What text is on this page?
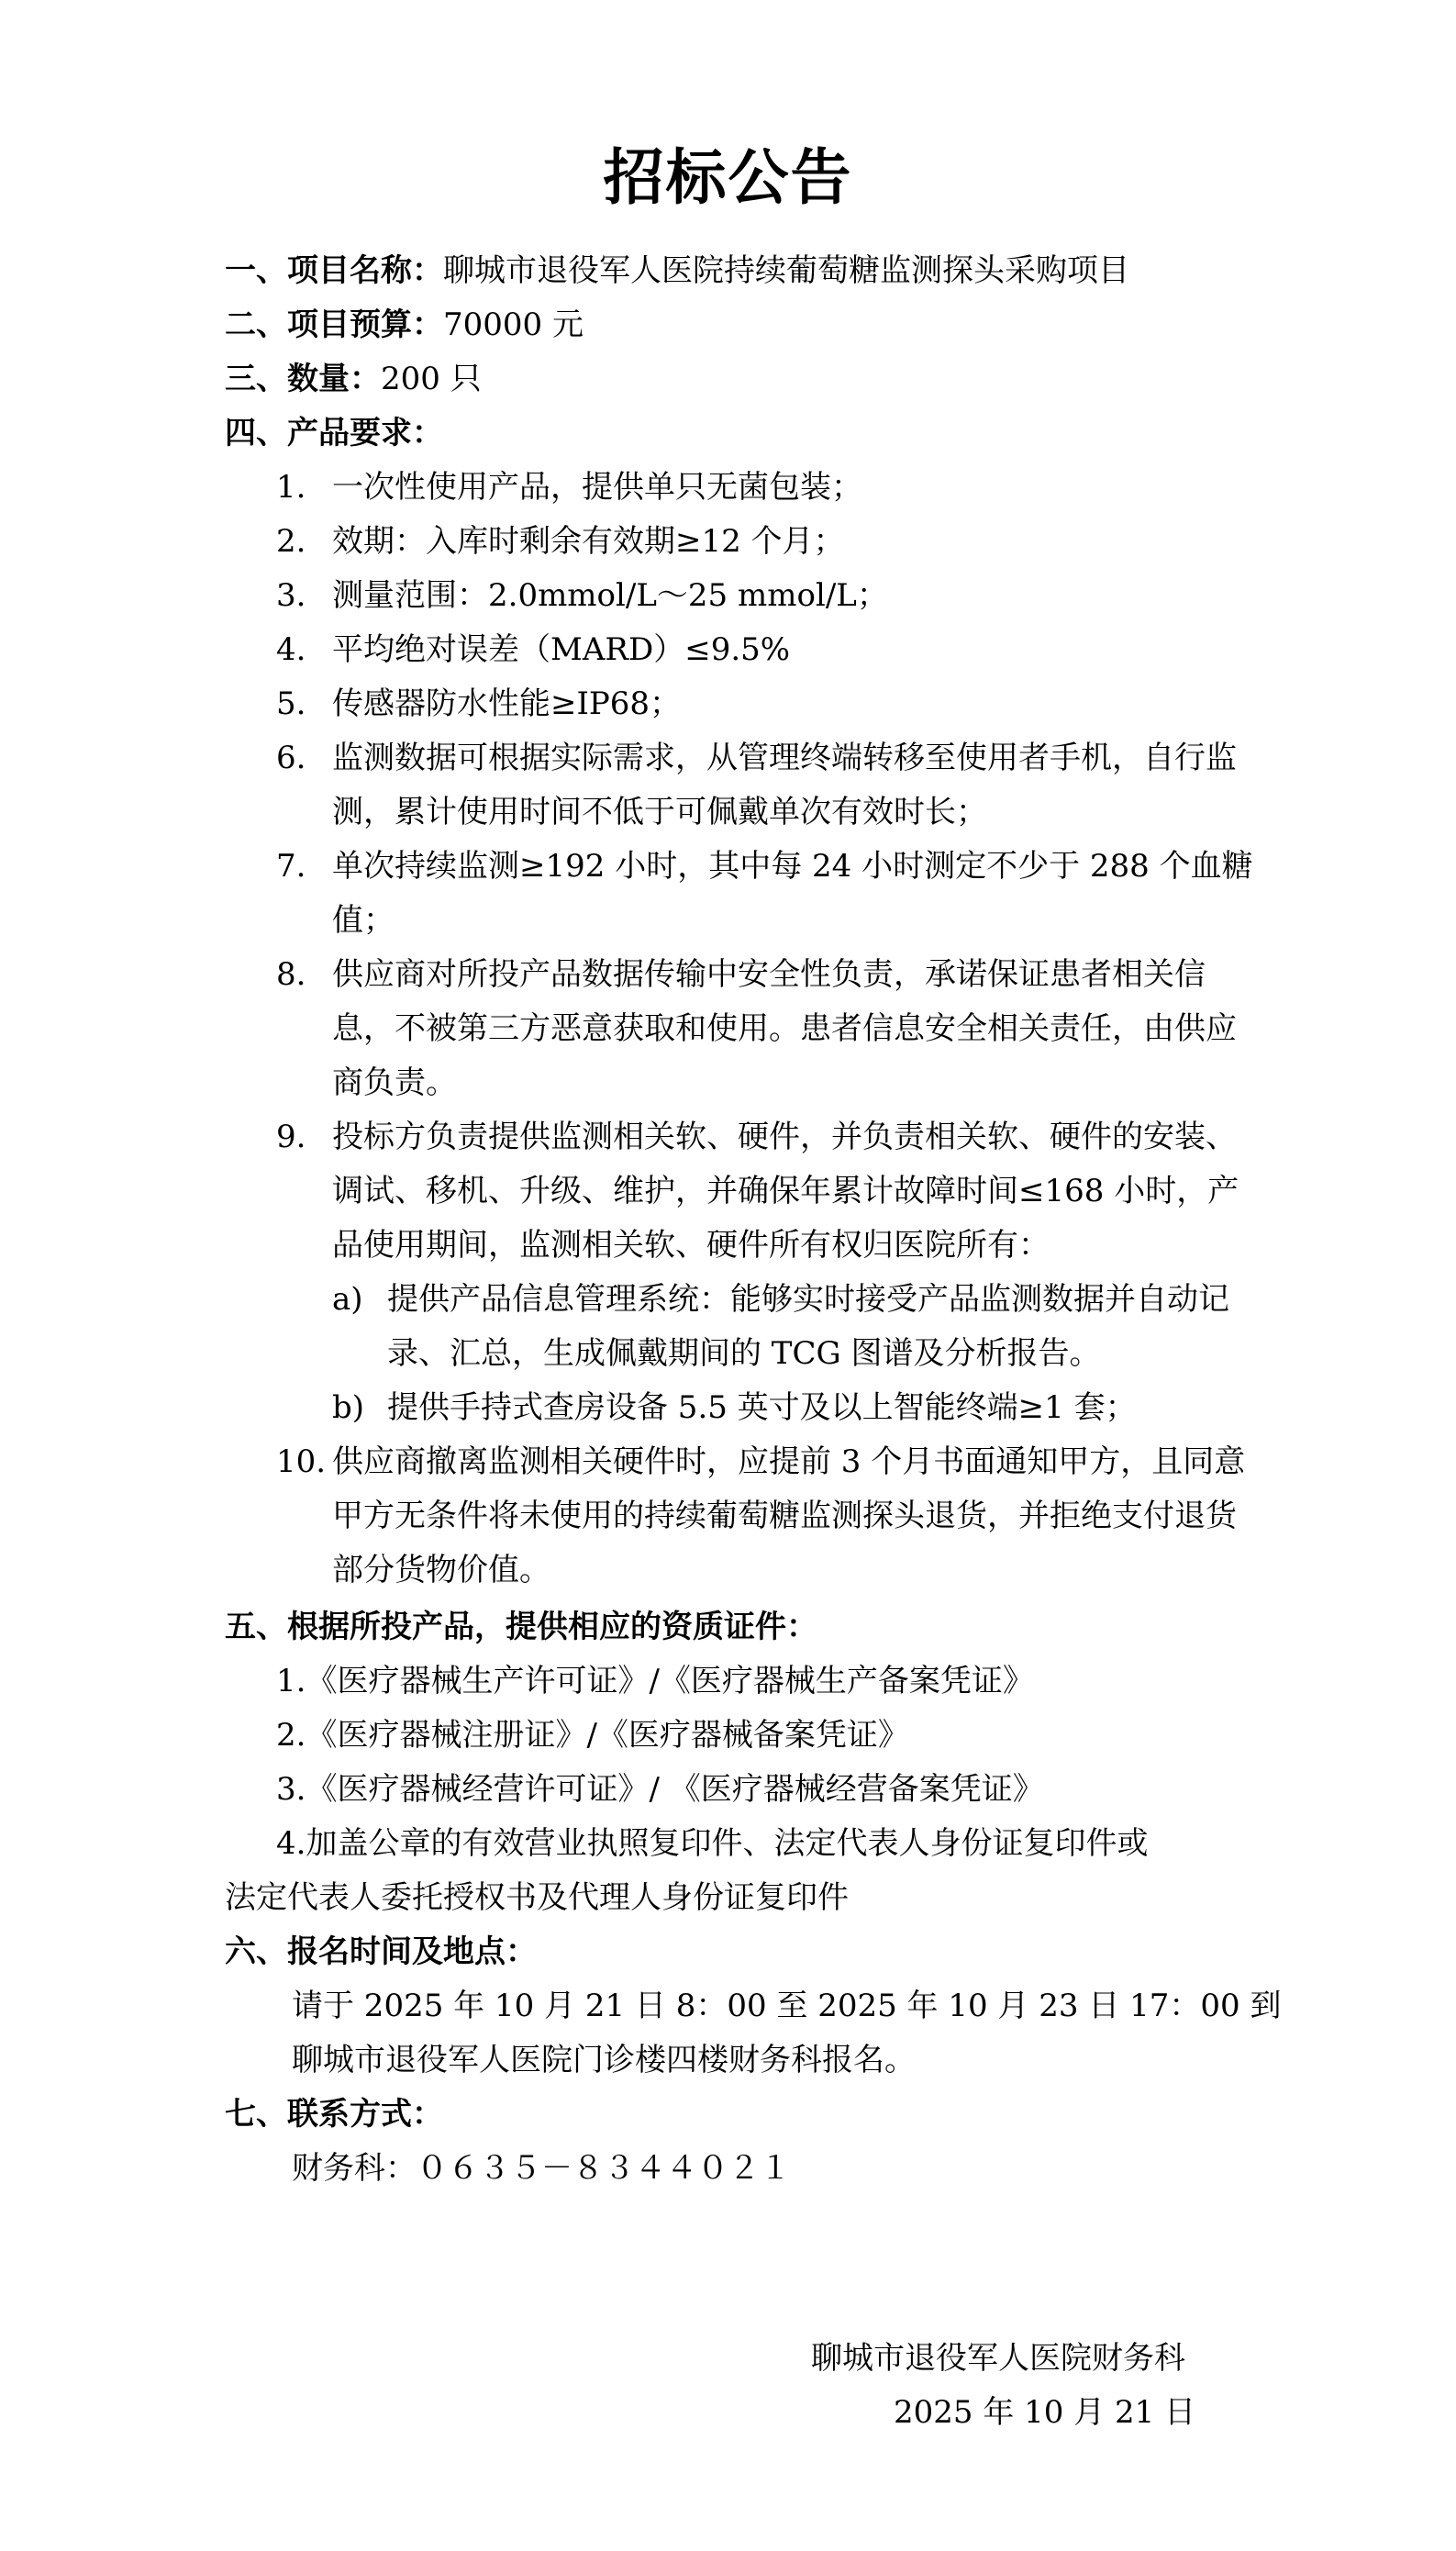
招标公告
一、项目名称：聊城市退役军人医院持续葡萄糖监测探头采购项目
二、项目预算：70000 元
三、数量：200 只
四、产品要求：
1. 一次性使用产品，提供单只无菌包装；
2. 效期：入库时剩余有效期≥12 个月；
3. 测量范围：2.0mmol/L～25 mmol/L；
4. 平均绝对误差（MARD）≤9.5%
5. 传感器防水性能≥IP68；
6. 监测数据可根据实际需求，从管理终端转移至使用者手机，自行监测，累计使用时间不低于可佩戴单次有效时长；
7. 单次持续监测≥192 小时，其中每 24 小时测定不少于 288 个血糖值；
8. 供应商对所投产品数据传输中安全性负责，承诺保证患者相关信息，不被第三方恶意获取和使用。患者信息安全相关责任，由供应商负责。
9. 投标方负责提供监测相关软、硬件，并负责相关软、硬件的安装、调试、移机、升级、维护，并确保年累计故障时间≤168 小时，产品使用期间，监测相关软、硬件所有权归医院所有：
a) 提供产品信息管理系统：能够实时接受产品监测数据并自动记录、汇总，生成佩戴期间的 TCG 图谱及分析报告。
b) 提供手持式查房设备 5.5 英寸及以上智能终端≥1 套；
10. 供应商撤离监测相关硬件时，应提前 3 个月书面通知甲方，且同意甲方无条件将未使用的持续葡萄糖监测探头退货，并拒绝支付退货部分货物价值。
五、根据所投产品，提供相应的资质证件：
1.《医疗器械生产许可证》/《医疗器械生产备案凭证》
2.《医疗器械注册证》/《医疗器械备案凭证》
3.《医疗器械经营许可证》/ 《医疗器械经营备案凭证》
4.加盖公章的有效营业执照复印件、法定代表人身份证复印件或
法定代表人委托授权书及代理人身份证复印件
六、报名时间及地点：
请于 2025 年 10 月 21 日 8：00 至 2025 年 10 月 23 日 17：00 到
聊城市退役军人医院门诊楼四楼财务科报名。
七、联系方式：
财务科：０６３５－８３４４０２１
聊城市退役军人医院财务科
2025 年 10 月 21 日
